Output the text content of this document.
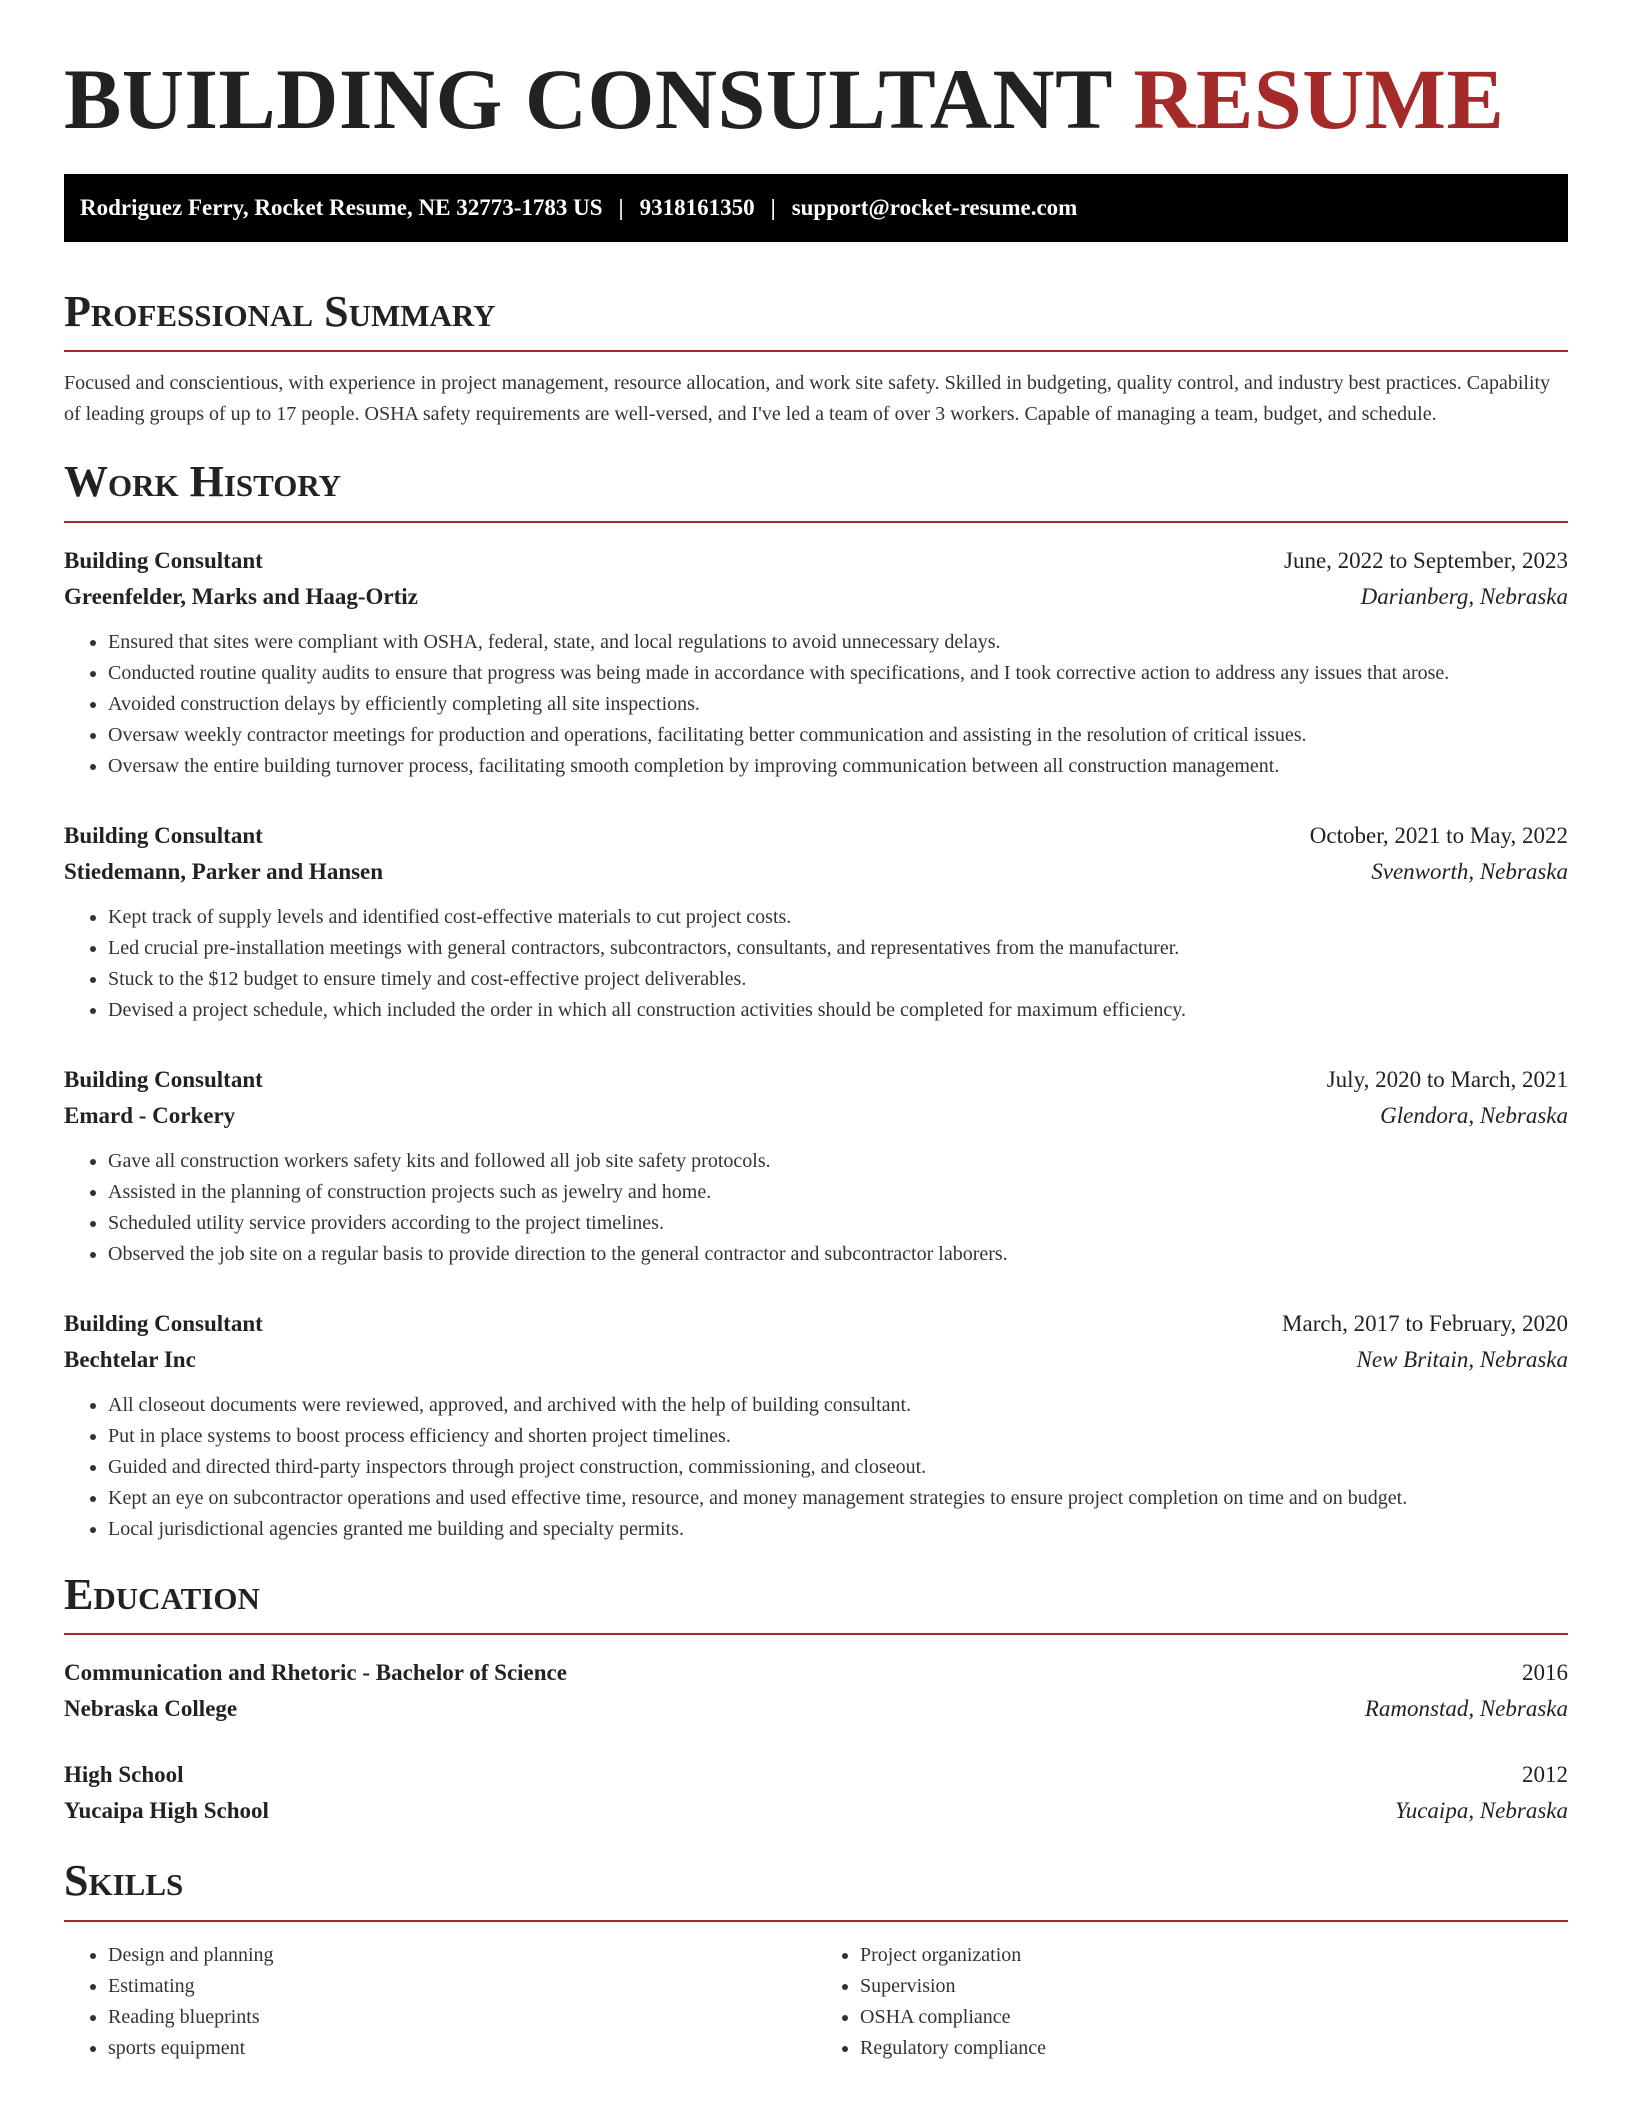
BUILDING CONSULTANT RESUME
Rodriguez Ferry, Rocket Resume, NE 32773-1783 US | 9318161350 | support@rocket-resume.com
Professional Summary

Focused and conscientious, with experience in project management, resource allocation, and work site safety. Skilled in budgeting, quality control, and industry best practices. Capability of leading groups of up to 17 people. OSHA safety requirements are well-versed, and I've led a team of over 3 workers. Capable of managing a team, budget, and schedule.

Work History
Building Consultant	June, 2022 to September, 2023
Greenfelder, Marks and Haag-Ortiz	Darianberg, Nebraska
• Ensured that sites were compliant with OSHA, federal, state, and local regulations to avoid unnecessary delays.
• Conducted routine quality audits to ensure that progress was being made in accordance with specifications, and I took corrective action to address any issues that arose.
• Avoided construction delays by efficiently completing all site inspections.
• Oversaw weekly contractor meetings for production and operations, facilitating better communication and assisting in the resolution of critical issues.
• Oversaw the entire building turnover process, facilitating smooth completion by improving communication between all construction management.
Building Consultant	October, 2021 to May, 2022
Stiedemann, Parker and Hansen	Svenworth, Nebraska
• Kept track of supply levels and identified cost-effective materials to cut project costs.
• Led crucial pre-installation meetings with general contractors, subcontractors, consultants, and representatives from the manufacturer.
• Stuck to the $12 budget to ensure timely and cost-effective project deliverables.
• Devised a project schedule, which included the order in which all construction activities should be completed for maximum efficiency.
Building Consultant	July, 2020 to March, 2021
Emard - Corkery	Glendora, Nebraska
• Gave all construction workers safety kits and followed all job site safety protocols.
• Assisted in the planning of construction projects such as jewelry and home.
• Scheduled utility service providers according to the project timelines.
• Observed the job site on a regular basis to provide direction to the general contractor and subcontractor laborers.
Building Consultant	March, 2017 to February, 2020
Bechtelar Inc	New Britain, Nebraska
• All closeout documents were reviewed, approved, and archived with the help of building consultant.
• Put in place systems to boost process efficiency and shorten project timelines.
• Guided and directed third-party inspectors through project construction, commissioning, and closeout.
• Kept an eye on subcontractor operations and used effective time, resource, and money management strategies to ensure project completion on time and on budget.
• Local jurisdictional agencies granted me building and specialty permits.
Education
Communication and Rhetoric - Bachelor of Science	2016
Nebraska College	Ramonstad, Nebraska
High School	2012
Yucaipa High School	Yucaipa, Nebraska
Skills
• Design and planning
• Estimating
• Reading blueprints
• sports equipment
• Project organization
• Supervision
• OSHA compliance
• Regulatory compliance
